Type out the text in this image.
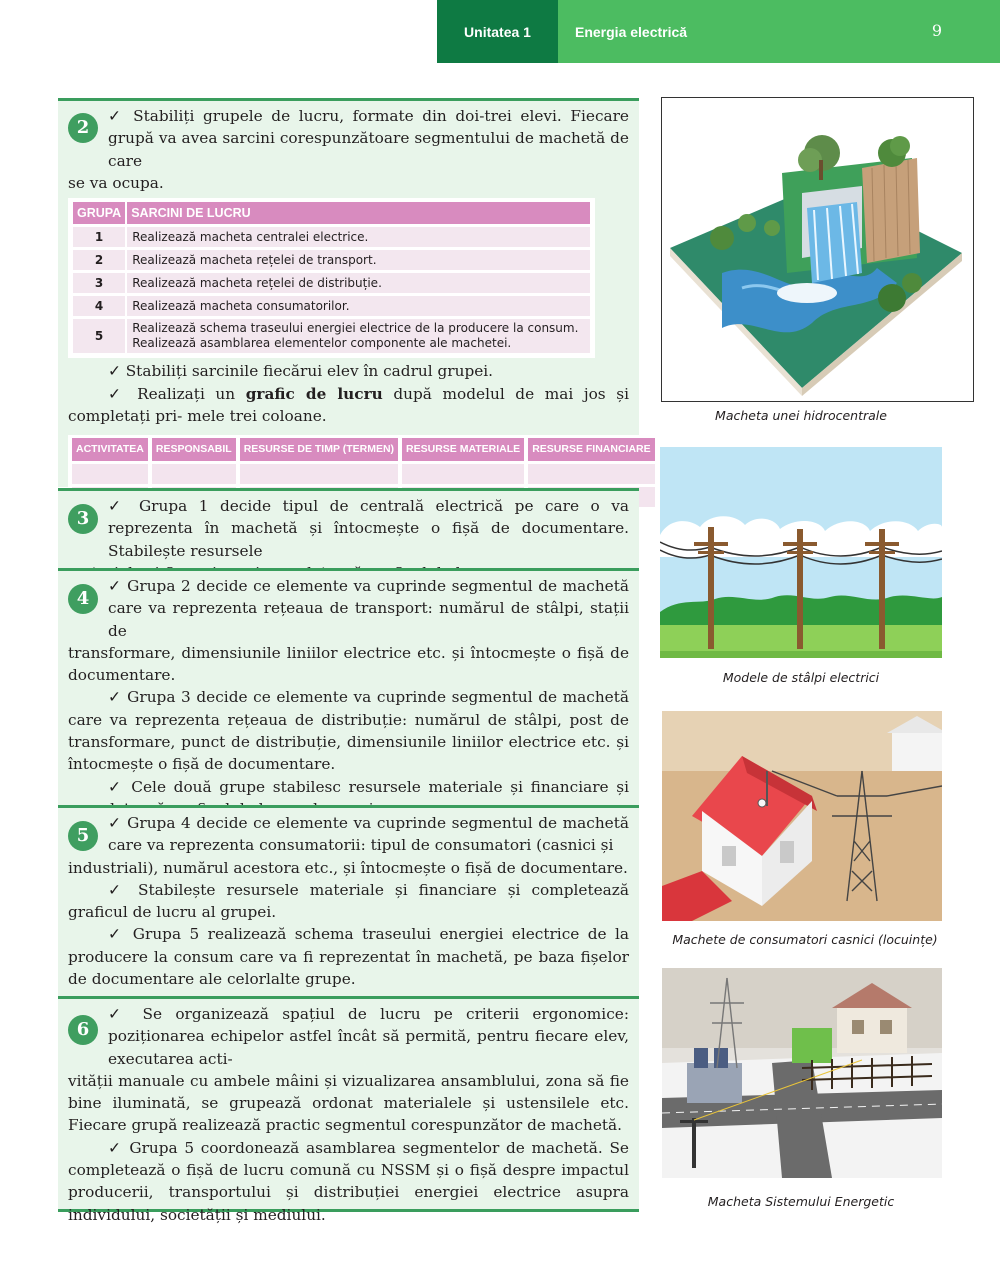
Unitatea 1	Energia electrică	9
2

✓ Stabiliți grupele de lucru, formate din doi-trei elevi. Fiecare grupă va avea sarcini corespunzătoare segmentului de machetă de care

se va ocupa.

GRUPA	SARCINI DE LUCRU
1	Realizează macheta centralei electrice.
2	Realizează macheta rețelei de transport.
3	Realizează macheta rețelei de distribuție.
4	Realizează macheta consumatorilor.
5	Realizează schema traseului energiei electrice de la producere la consum.
Realizează asamblarea elementelor componente ale machetei.

✓ Stabiliți sarcinile fiecărui elev în cadrul grupei.

✓ Realizați un grafic de lucru după modelul de mai jos și completați pri- mele trei coloane.

ACTIVITATEA	RESPONSABIL	RESURSE DE TIMP (TERMEN)	RESURSE MATERIALE	RESURSE FINANCIARE

3

✓ Grupa 1 decide tipul de centrală electrică pe care o va reprezenta în machetă și întocmește o fișă de documentare. Stabilește resursele

4

✓ Grupa 2 decide ce elemente va cuprinde segmentul de machetă care va reprezenta rețeaua de transport: numărul de stâlpi, stații de

transformare, dimensiunile liniilor electrice etc. și întocmește o fișă de documentare.

✓ Grupa 3 decide ce elemente va cuprinde segmentul de machetă care va reprezenta rețeaua de distribuție: numărul de stâlpi, post de transformare, punct de distribuție, dimensiunile liniilor electrice etc. și întocmește o fișă de documentare.

✓ Cele două grupe stabilesc resursele materiale și financiare și

5

✓ Grupa 4 decide ce elemente va cuprinde segmentul de machetă care va reprezenta consumatorii: tipul de consumatori (casnici și

industriali), numărul acestora etc., și întocmește o fișă de documentare.

✓ Stabilește resursele materiale și financiare și completează graficul de lucru al grupei.

✓ Grupa 5 realizează schema traseului energiei electrice de la producere la consum care va fi reprezentat în machetă, pe baza fișelor de documentare ale celorlalte grupe.

6

✓ Se organizează spațiul de lucru pe criterii ergonomice: poziționarea echipelor astfel încât să permită, pentru fiecare elev, executarea acti-

vității manuale cu ambele mâini și vizualizarea ansamblului, zona să fie bine iluminată, se grupează ordonat materialele și ustensilele etc. Fiecare grupă realizează practic segmentul corespunzător de machetă.

✓ Grupa 5 coordonează asamblarea segmentelor de machetă. Se completează o fișă de lucru comună cu NSSM și o fișă despre impactul producerii, transportului și distribuției energiei electrice asupra individului, societății și mediului.

Macheta unei hidrocentrale
Modele de stâlpi electrici
Machete de consumatori casnici (locuințe)
Macheta Sistemului Energetic
